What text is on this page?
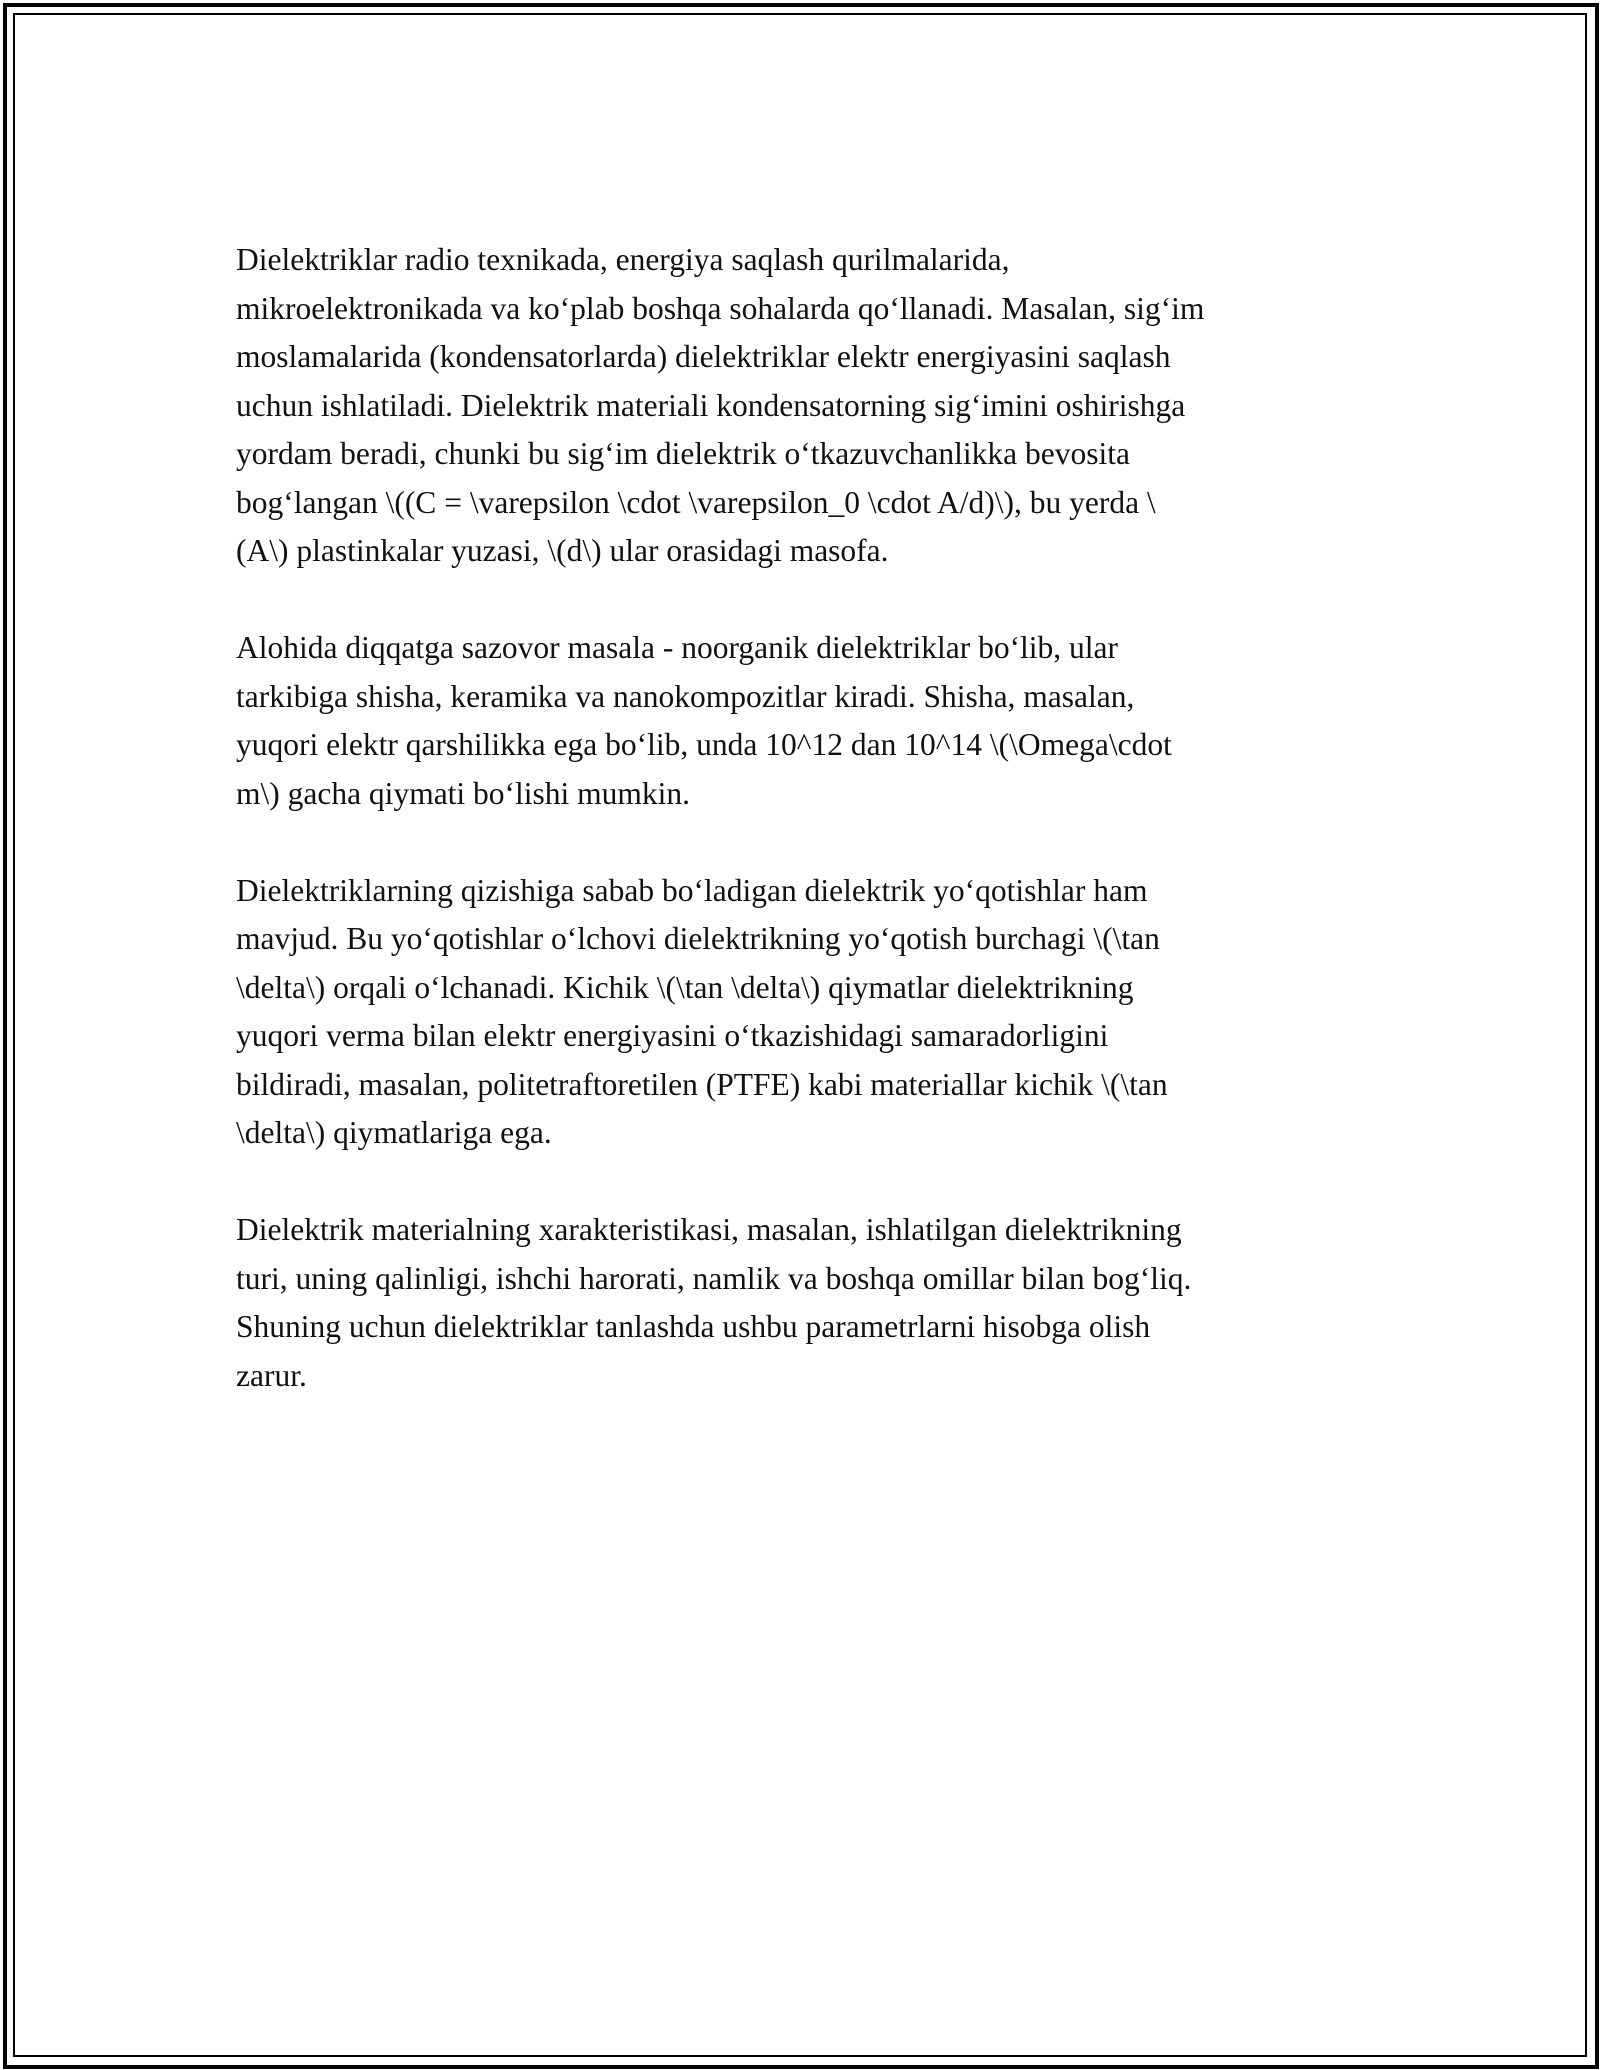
Dielektriklar radio texnikada, energiya saqlash qurilmalarida,
mikroelektronikada va ko‘plab boshqa sohalarda qo‘llanadi. Masalan, sig‘im
moslamalarida (kondensatorlarda) dielektriklar elektr energiyasini saqlash
uchun ishlatiladi. Dielektrik materiali kondensatorning sig‘imini oshirishga
yordam beradi, chunki bu sig‘im dielektrik o‘tkazuvchanlikka bevosita
bog‘langan \((C = \varepsilon \cdot \varepsilon_0 \cdot A/d)\), bu yerda \
(A\) plastinkalar yuzasi, \(d\) ular orasidagi masofa.

Alohida diqqatga sazovor masala - noorganik dielektriklar bo‘lib, ular
tarkibiga shisha, keramika va nanokompozitlar kiradi. Shisha, masalan,
yuqori elektr qarshilikka ega bo‘lib, unda 10^12 dan 10^14 \(\Omega\cdot
m\) gacha qiymati bo‘lishi mumkin.

Dielektriklarning qizishiga sabab bo‘ladigan dielektrik yo‘qotishlar ham
mavjud. Bu yo‘qotishlar o‘lchovi dielektrikning yo‘qotish burchagi \(\tan
\delta\) orqali o‘lchanadi. Kichik \(\tan \delta\) qiymatlar dielektrikning
yuqori verma bilan elektr energiyasini o‘tkazishidagi samaradorligini
bildiradi, masalan, politetraftoretilen (PTFE) kabi materiallar kichik \(\tan
\delta\) qiymatlariga ega.

Dielektrik materialning xarakteristikasi, masalan, ishlatilgan dielektrikning
turi, uning qalinligi, ishchi harorati, namlik va boshqa omillar bilan bog‘liq.
Shuning uchun dielektriklar tanlashda ushbu parametrlarni hisobga olish
zarur.
